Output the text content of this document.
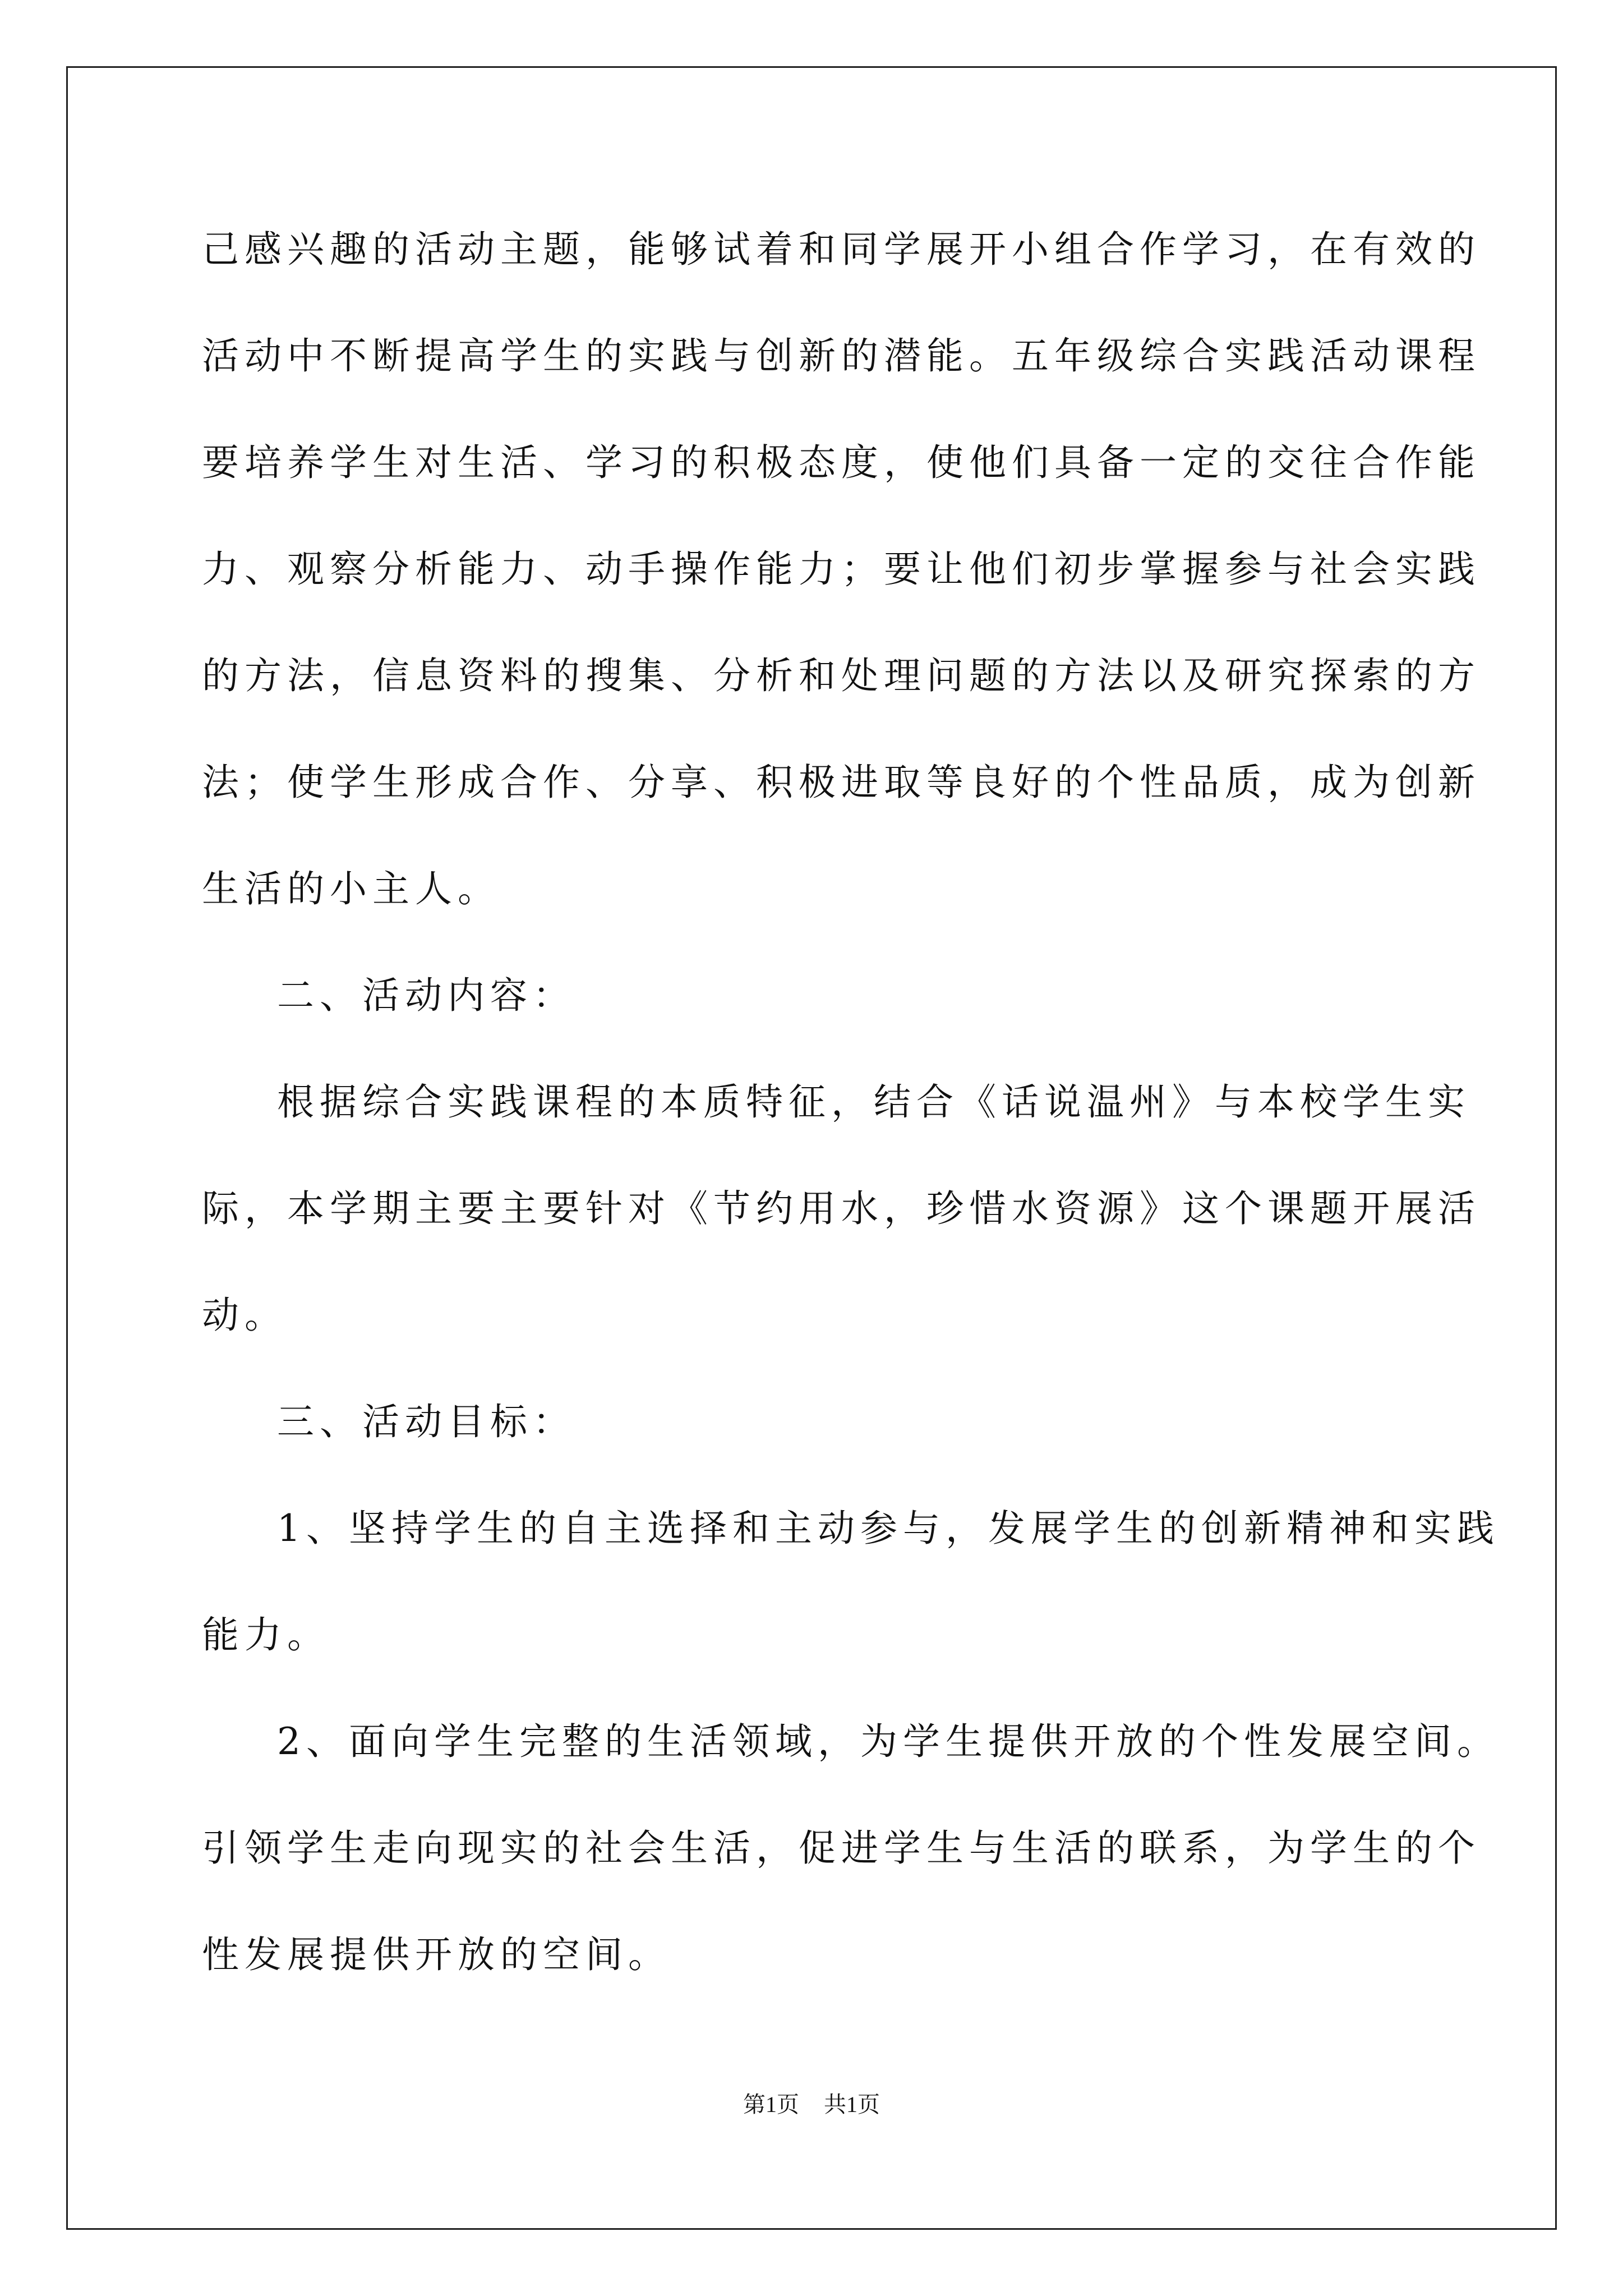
己感兴趣的活动主题，能够试着和同学展开小组合作学习，在有效的
活动中不断提高学生的实践与创新的潜能。五年级综合实践活动课程
要培养学生对生活、学习的积极态度，使他们具备一定的交往合作能
力、观察分析能力、动手操作能力；要让他们初步掌握参与社会实践
的方法，信息资料的搜集、分析和处理问题的方法以及研究探索的方
法；使学生形成合作、分享、积极进取等良好的个性品质，成为创新
生活的小主人。
二、活动内容：
根据综合实践课程的本质特征，结合《话说温州》与本校学生实
际，本学期主要主要针对《节约用水，珍惜水资源》这个课题开展活
动。
三、活动目标：
1、坚持学生的自主选择和主动参与，发展学生的创新精神和实践
能力。
2、面向学生完整的生活领域，为学生提供开放的个性发展空间。
引领学生走向现实的社会生活，促进学生与生活的联系，为学生的个
性发展提供开放的空间。
第1页 共1页
